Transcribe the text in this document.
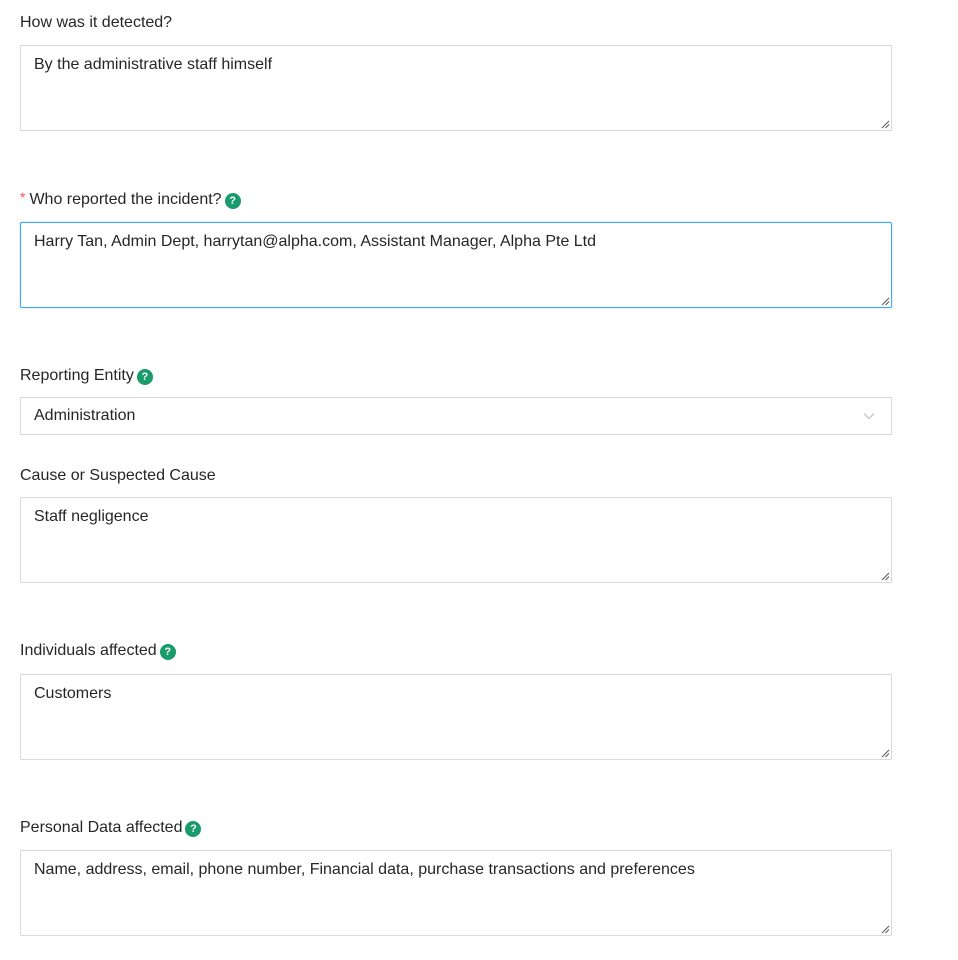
How was it detected?
By the administrative staff himself
* Who reported the incident? ?
Harry Tan, Admin Dept, harrytan@alpha.com, Assistant Manager, Alpha Pte Ltd
Reporting Entity ?
Administration
Cause or Suspected Cause
Staff negligence
Individuals affected ?
Customers
Personal Data affected ?
Name, address, email, phone number, Financial data, purchase transactions and preferences
